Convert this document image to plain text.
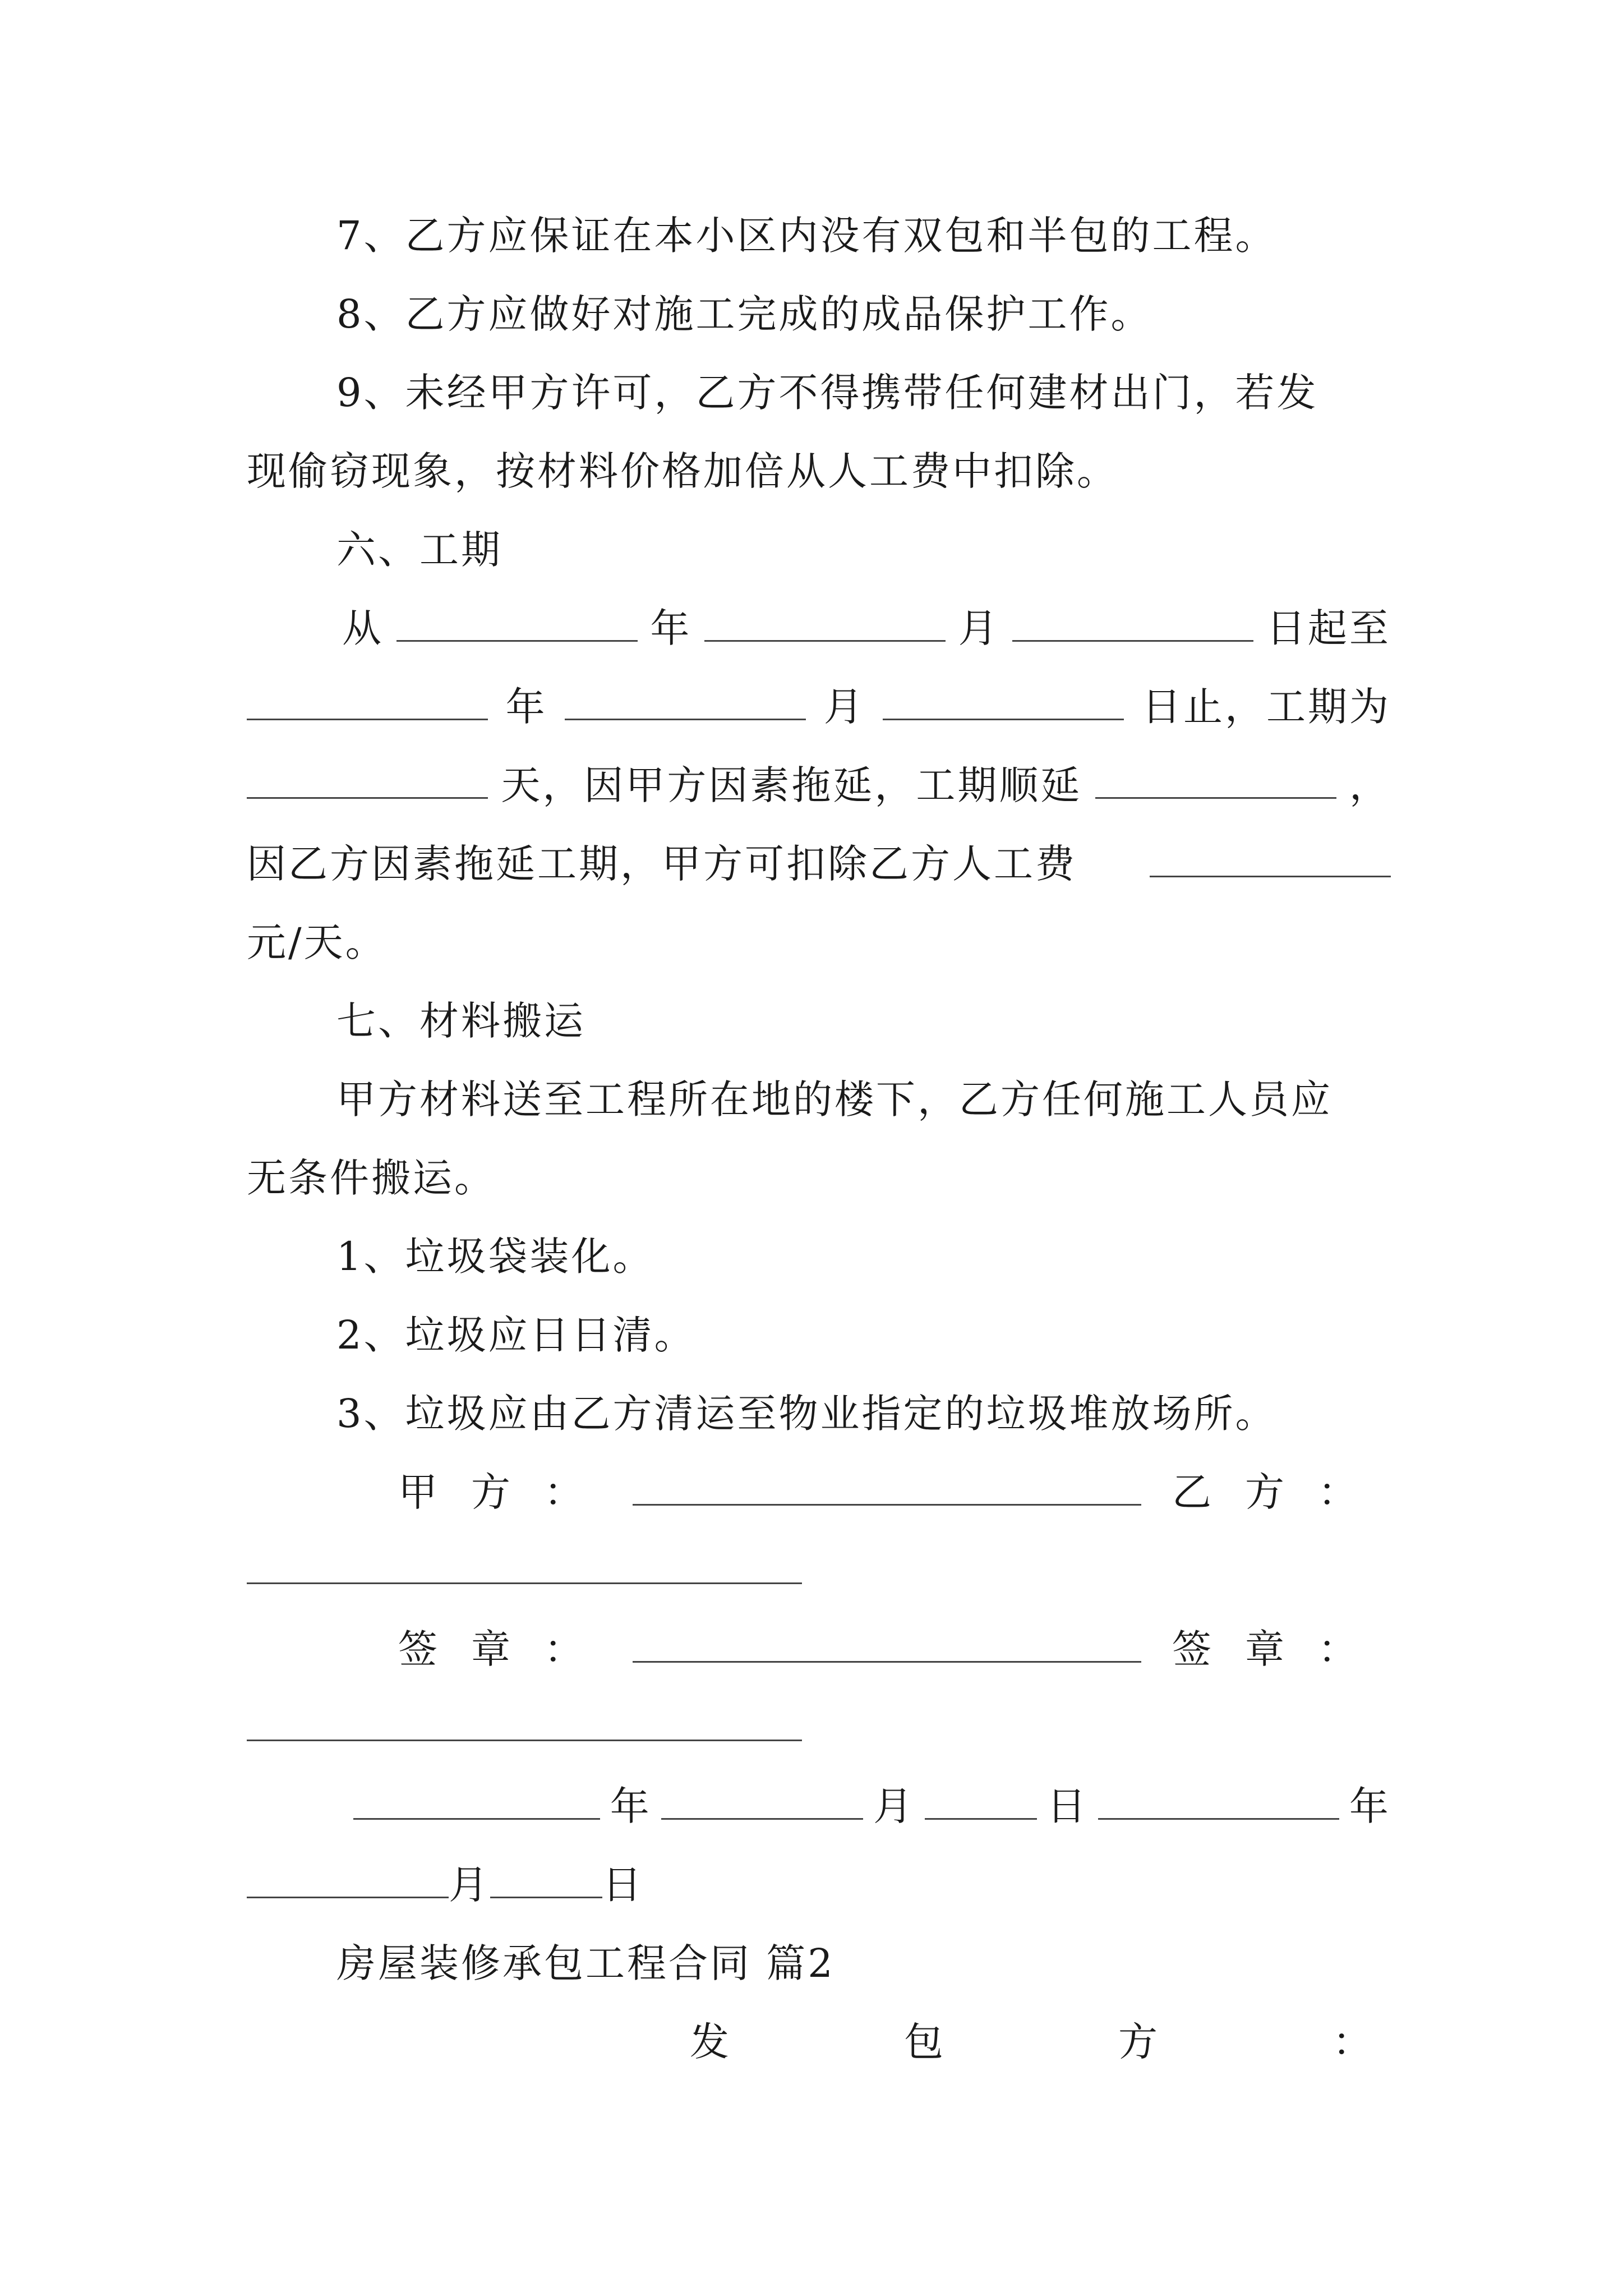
7、乙方应保证在本小区内没有双包和半包的工程。
8、乙方应做好对施工完成的成品保护工作。
9、未经甲方许可，乙方不得携带任何建材出门，若发
现偷窃现象，按材料价格加倍从人工费中扣除。
六、工期
从	年	月	日起至
年	月	日止，工期为
天，因甲方因素拖延，工期顺延	，
因乙方因素拖延工期，甲方可扣除乙方人工费
元/天。
七、材料搬运
甲方材料送至工程所在地的楼下，乙方任何施工人员应
无条件搬运。
1、垃圾袋装化。
2、垃圾应日日清。
3、垃圾应由乙方清运至物业指定的垃圾堆放场所。
甲方：	乙方：
签章：	签章：
年	月	日	年
月	日
房屋装修承包工程合同 篇2
发	包	方	：
